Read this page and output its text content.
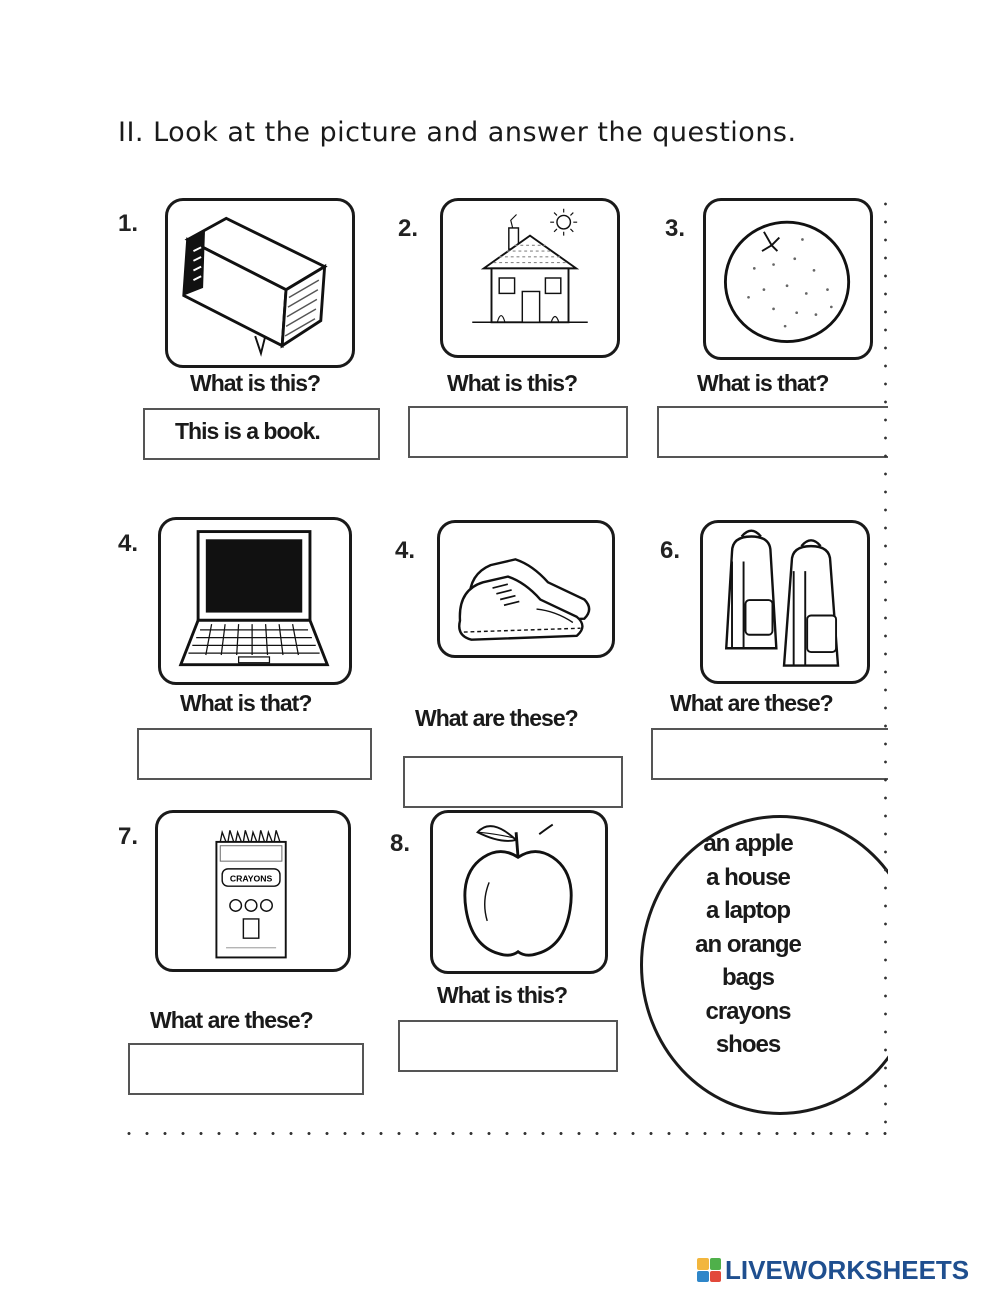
II. Look at the picture and answer the questions.
1.
What is this?
This is a book.
2.
What is this?
3.
What is that?
4.
What is that?
4.
What are these?
6.
What are these?
7.
CRAYONS
What are these?
8.
What is this?
an apple
a house
a laptop
an orange
bags
crayons
shoes
LIVEWORKSHEETS
